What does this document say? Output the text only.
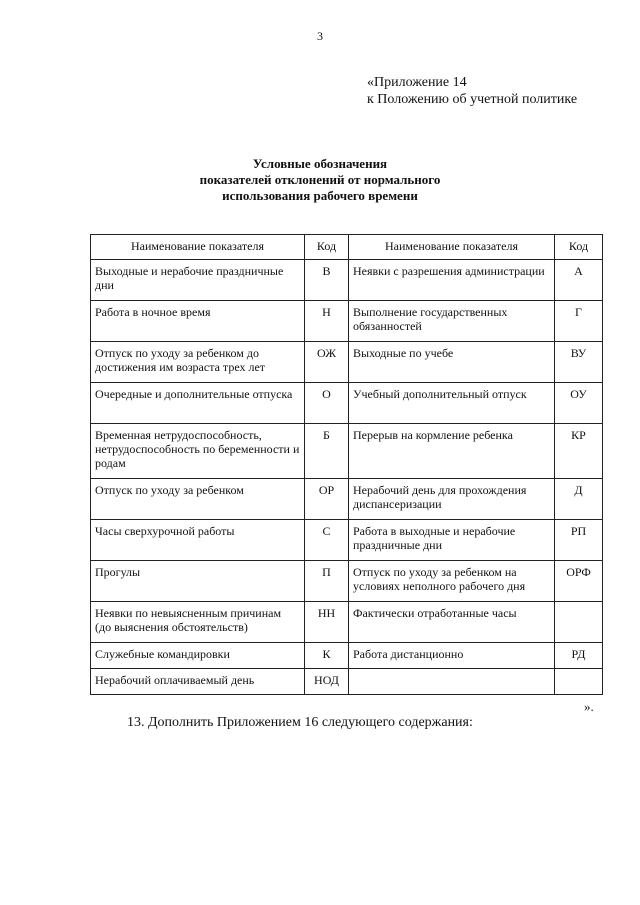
3
«Приложение 14
к Положению об учетной политике
Условные обозначения
показателей отклонений от нормального
использования рабочего времени
Наименование показателя	Код	Наименование показателя	Код
Выходные и нерабочие праздничные дни	В	Неявки с разрешения администрации	А
Работа в ночное время	Н	Выполнение государственных обязанностей	Г
Отпуск по уходу за ребенком до достижения им возраста трех лет	ОЖ	Выходные по учебе	ВУ
Очередные и дополнительные отпуска	О	Учебный дополнительный отпуск	ОУ
Временная нетрудоспособность, нетрудоспособность по беременности и родам	Б	Перерыв на кормление ребенка	КР
Отпуск по уходу за ребенком	ОР	Нерабочий день для прохождения диспансеризации	Д
Часы сверхурочной работы	С	Работа в выходные и нерабочие праздничные дни	РП
Прогулы	П	Отпуск по уходу за ребенком на условиях неполного рабочего дня	ОРФ
Неявки по невыясненным причинам (до выяснения обстоятельств)	НН	Фактически отработанные часы	
Служебные командировки	К	Работа дистанционно	РД
Нерабочий оплачиваемый день	НОД		
».
13. Дополнить Приложением 16 следующего содержания:
